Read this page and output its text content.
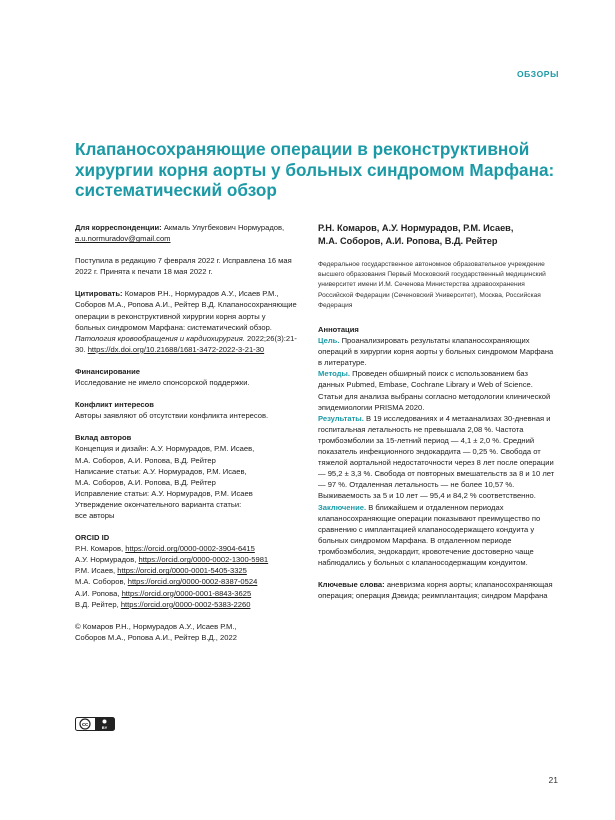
ОБЗОРЫ
Клапаносохраняющие операции в реконструктивной хирургии корня аорты у больных синдромом Марфана: систематический обзор

Для корреспонденции: Акмаль Улугбекович Нормурадов, a.u.normuradov@gmail.com

Поступила в редакцию 7 февраля 2022 г. Исправлена 16 мая 2022 г. Принята к печати 18 мая 2022 г.

Цитировать: Комаров Р.Н., Нормурадов А.У., Исаев Р.М., Соборов М.А., Ропова А.И., Рейтер В.Д. Клапаносохраняющие операции в реконструктивной хирургии корня аорты у больных синдромом Марфана: систематический обзор. Патология кровообращения и кардиохирургия. 2022;26(3):21-30. https://dx.doi.org/10.21688/1681-3472-2022-3-21-30

Финансирование

Исследование не имело спонсорской поддержки.

Конфликт интересов

Авторы заявляют об отсутствии конфликта интересов.

Вклад авторов

Концепция и дизайн: А.У. Нормурадов, Р.М. Исаев,

М.А. Соборов, А.И. Ропова, В.Д. Рейтер

Написание статьи: А.У. Нормурадов, Р.М. Исаев,

М.А. Соборов, А.И. Ропова, В.Д. Рейтер

Исправление статьи: А.У. Нормурадов, Р.М. Исаев

Утверждение окончательного варианта статьи:

все авторы

ORCID ID

Р.Н. Комаров, https://orcid.org/0000-0002-3904-6415

А.У. Нормурадов, https://orcid.org/0000-0002-1300-5981

Р.М. Исаев, https://orcid.org/0000-0001-5405-3325

М.А. Соборов, https://orcid.org/0000-0002-8387-0524

А.И. Ропова, https://orcid.org/0000-0001-8843-3625

В.Д. Рейтер, https://orcid.org/0000-0002-5383-2260

© Комаров Р.Н., Нормурадов А.У., Исаев Р.М.,

Соборов М.А., Ропова А.И., Рейтер В.Д., 2022

cc	BY

Р.Н. Комаров, А.У. Нормурадов, Р.М. Исаев,
М.А. Соборов, А.И. Ропова, В.Д. Рейтер

Федеральное государственное автономное образовательное учреждение высшего образования Первый Московский государственный медицинский университет имени И.М. Сеченова Министерства здравоохранения Российской Федерации (Сеченовский Университет), Москва, Российская Федерация

Аннотация

Цель. Проанализировать результаты клапаносохраняющих операций в хирургии корня аорты у больных синдромом Марфана в литературе.

Методы. Проведен обширный поиск с использованием баз данных Pubmed, Embase, Cochrane Library и Web of Science. Статьи для анализа выбраны согласно методологии клинической эпидемиологии PRISMA 2020.

Результаты. В 19 исследованиях и 4 метаанализах 30-дневная и госпитальная летальность не превышала 2,08 %. Частота тромбоэмболии за 15-летний период — 4,1 ± 2,0 %. Средний показатель инфекционного эндокардита — 0,25 %. Свобода от тяжелой аортальной недостаточности через 8 лет после операции — 95,2 ± 3,3 %. Свобода от повторных вмешательств за 8 и 10 лет — 97 %. Отдаленная летальность — не более 10,57 %. Выживаемость за 5 и 10 лет — 95,4 и 84,2 % соответственно.

Заключение. В ближайшем и отдаленном периодах клапаносохраняющие операции показывают преимущество по сравнению с имплантацией клапаносодержащего кондуита у больных синдромом Марфана. В отдаленном периоде тромбоэмболия, эндокардит, кровотечение достоверно чаще наблюдались у больных с клапаносодержащим кондуитом.

Ключевые слова: аневризма корня аорты; клапаносохраняющая операция; операция Дэвида; реимплантация; синдром Марфана

21
